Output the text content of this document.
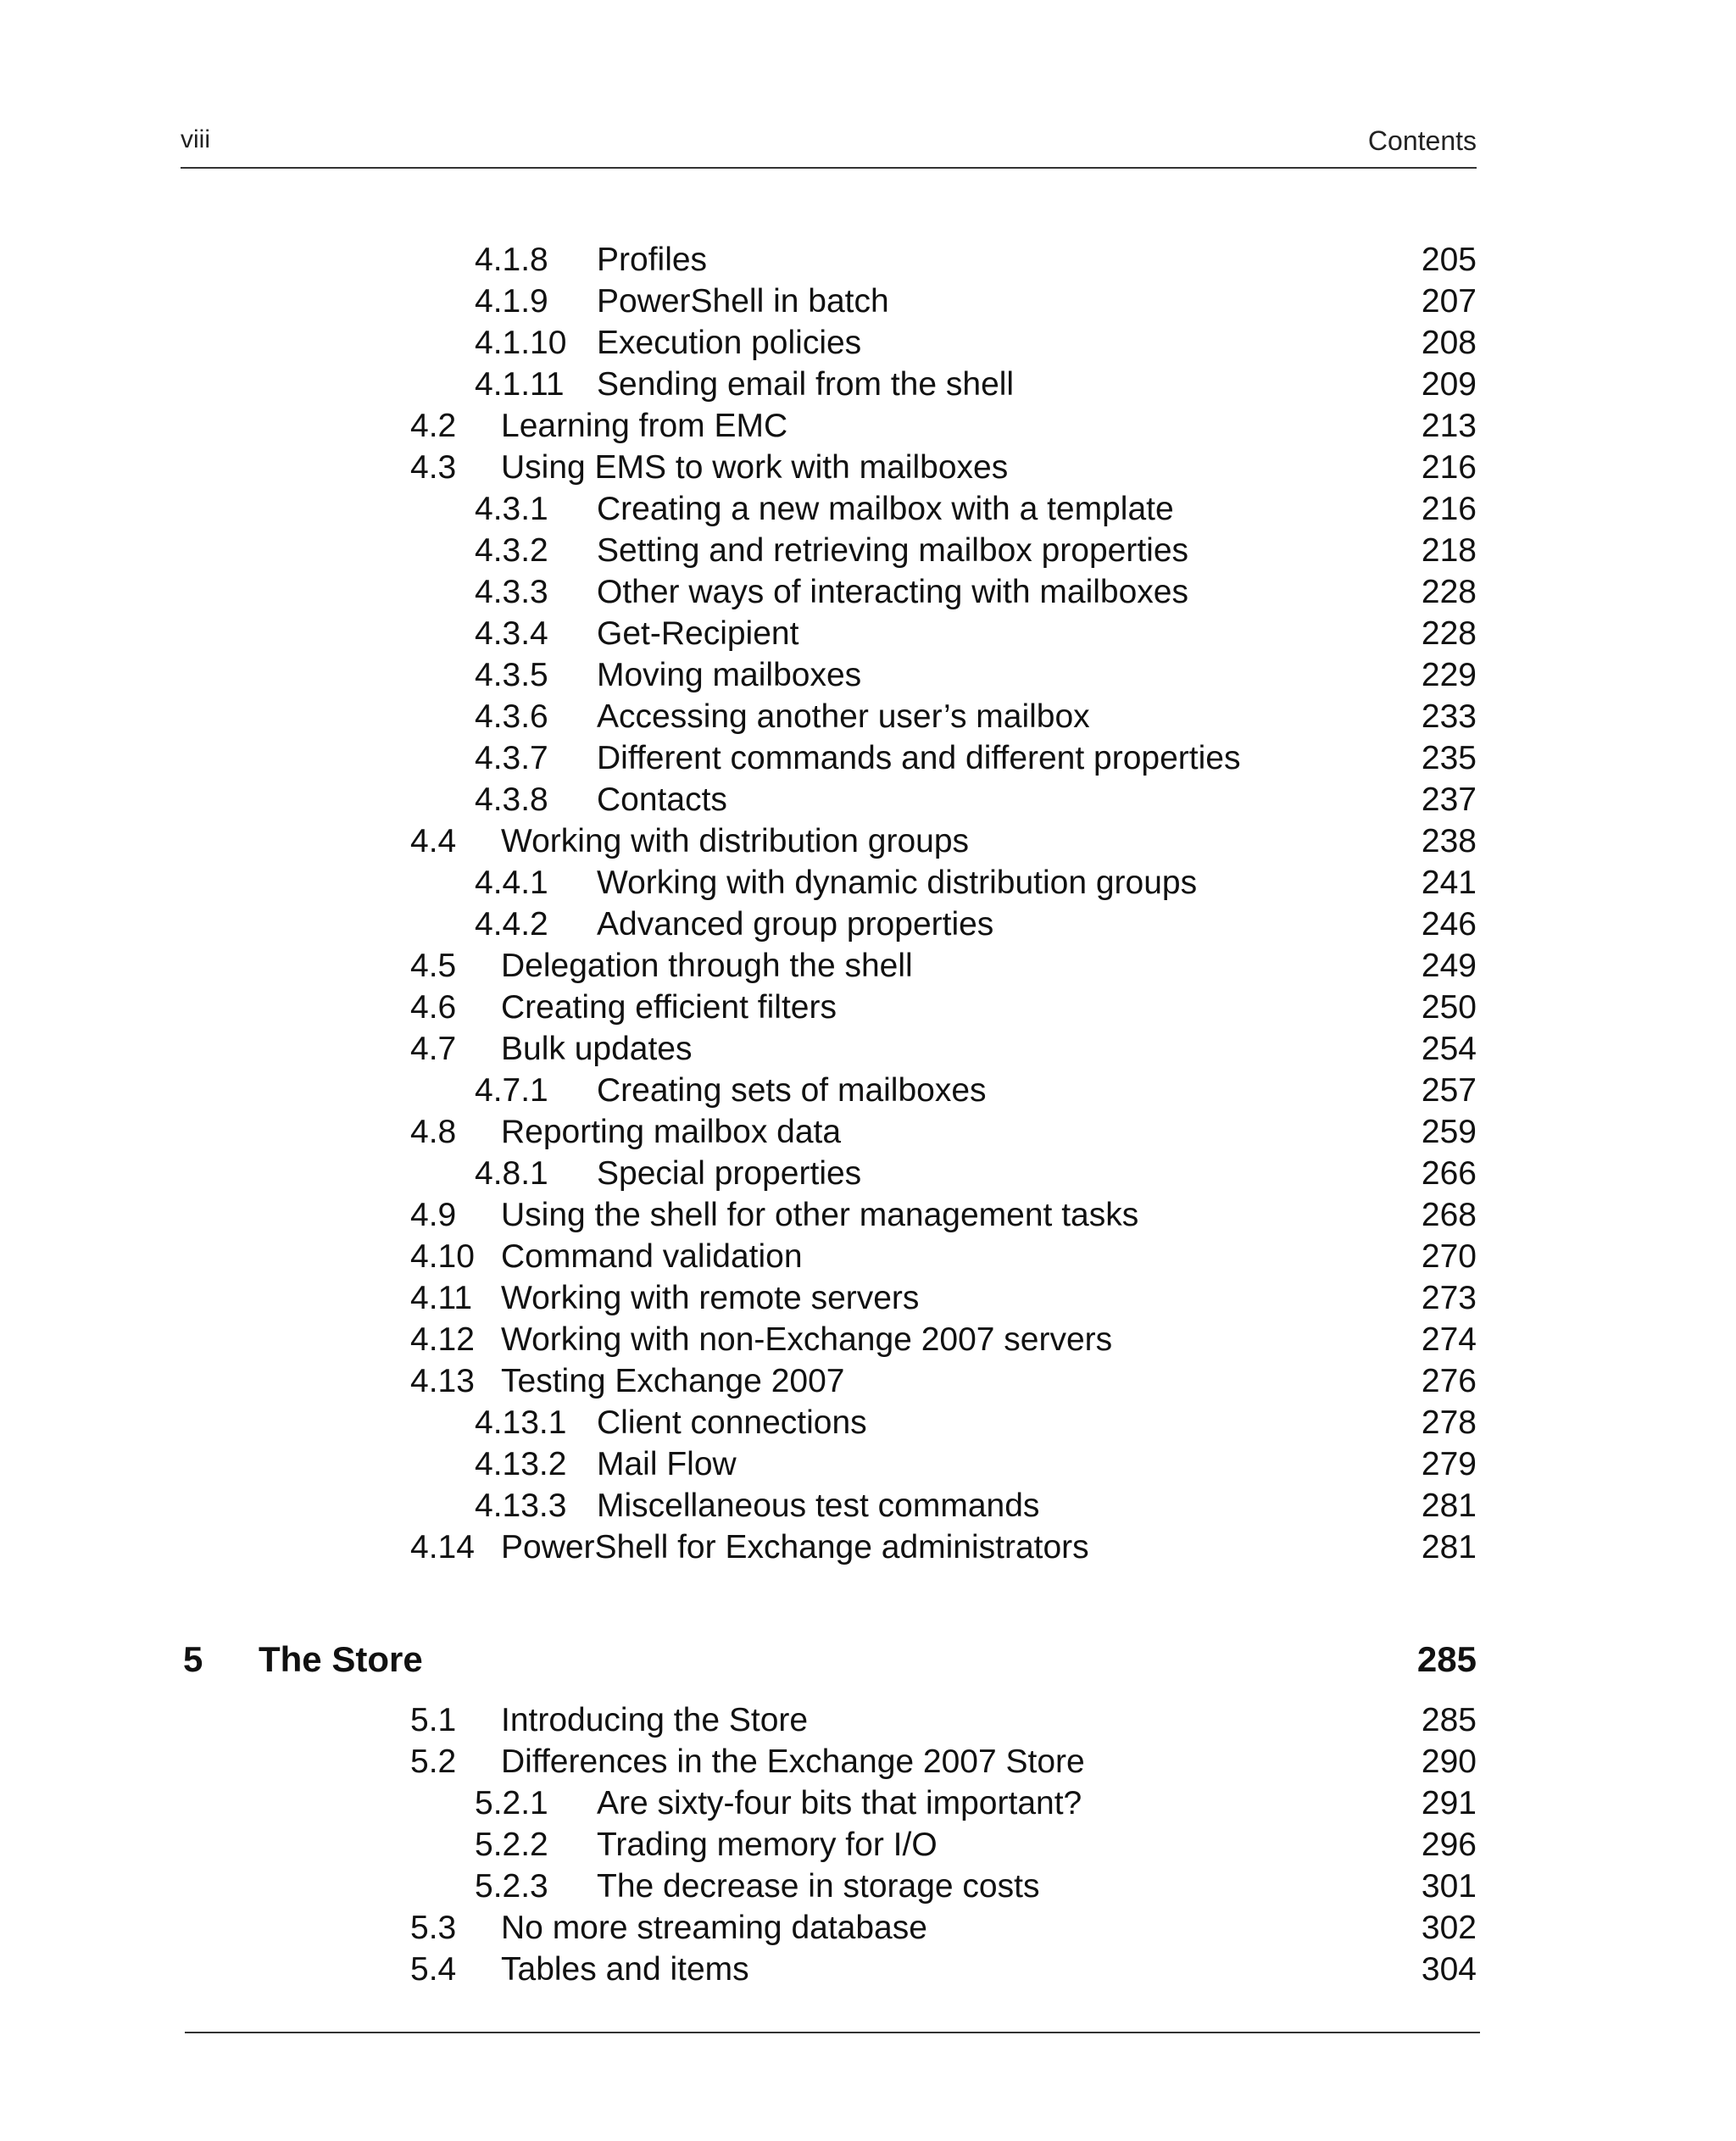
viii	Contents
4.1.8 Profiles	205
4.1.9 PowerShell in batch	207
4.1.10 Execution policies	208
4.1.11 Sending email from the shell	209
4.2 Learning from EMC	213
4.3 Using EMS to work with mailboxes	216
4.3.1 Creating a new mailbox with a template	216
4.3.2 Setting and retrieving mailbox properties	218
4.3.3 Other ways of interacting with mailboxes	228
4.3.4 Get-Recipient	228
4.3.5 Moving mailboxes	229
4.3.6 Accessing another user’s mailbox	233
4.3.7 Different commands and different properties	235
4.3.8 Contacts	237
4.4 Working with distribution groups	238
4.4.1 Working with dynamic distribution groups	241
4.4.2 Advanced group properties	246
4.5 Delegation through the shell	249
4.6 Creating efficient filters	250
4.7 Bulk updates	254
4.7.1 Creating sets of mailboxes	257
4.8 Reporting mailbox data	259
4.8.1 Special properties	266
4.9 Using the shell for other management tasks	268
4.10 Command validation	270
4.11 Working with remote servers	273
4.12 Working with non-Exchange 2007 servers	274
4.13 Testing Exchange 2007	276
4.13.1 Client connections	278
4.13.2 Mail Flow	279
4.13.3 Miscellaneous test commands	281
4.14 PowerShell for Exchange administrators	281
5 The Store	285
5.1 Introducing the Store	285
5.2 Differences in the Exchange 2007 Store	290
5.2.1 Are sixty-four bits that important?	291
5.2.2 Trading memory for I/O	296
5.2.3 The decrease in storage costs	301
5.3 No more streaming database	302
5.4 Tables and items	304
